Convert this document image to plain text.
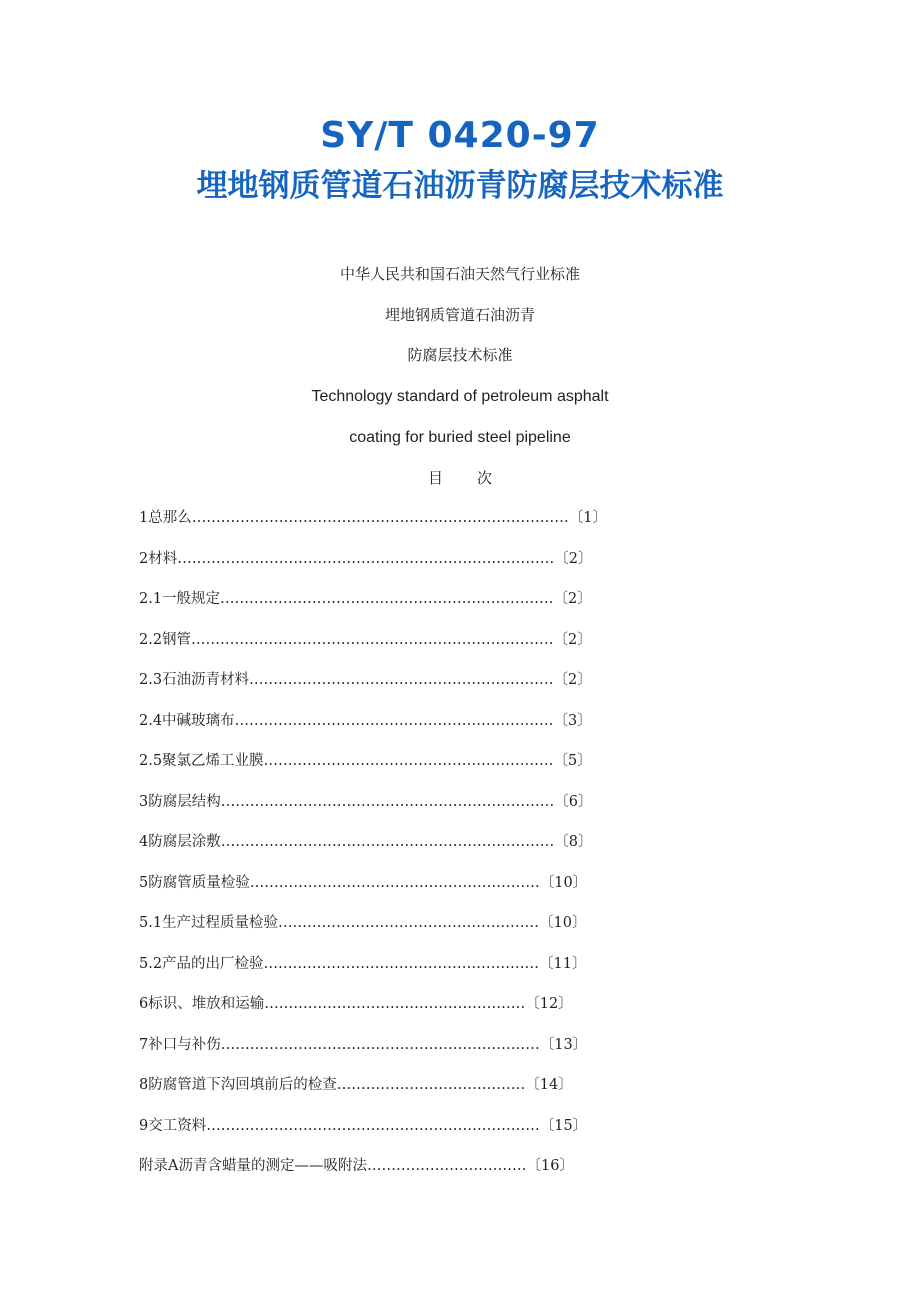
SY/T 0420-97
埋地钢质管道石油沥青防腐层技术标准
中华人民共和国石油天然气行业标准
埋地钢质管道石油沥青
防腐层技术标准
Technology standard of petroleum asphalt
coating for buried steel pipeline
目 次
1总那么……………………………………………………………………〔1〕
2材料……………………………………………………………………〔2〕
2.1一般规定……………………………………………………………〔2〕
2.2钢管…………………………………………………………………〔2〕
2.3石油沥青材料………………………………………………………〔2〕
2.4中碱玻璃布…………………………………………………………〔3〕
2.5聚氯乙烯工业膜……………………………………………………〔5〕
3防腐层结构……………………………………………………………〔6〕
4防腐层涂敷……………………………………………………………〔8〕
5防腐管质量检验……………………………………………………〔10〕
5.1生产过程质量检验………………………………………………〔10〕
5.2产品的出厂检验…………………………………………………〔11〕
6标识、堆放和运输………………………………………………〔12〕
7补口与补伤…………………………………………………………〔13〕
8防腐管道下沟回填前后的检查…………………………………〔14〕
9交工资料……………………………………………………………〔15〕
附录A沥青含蜡量的测定——吸附法……………………………〔16〕
